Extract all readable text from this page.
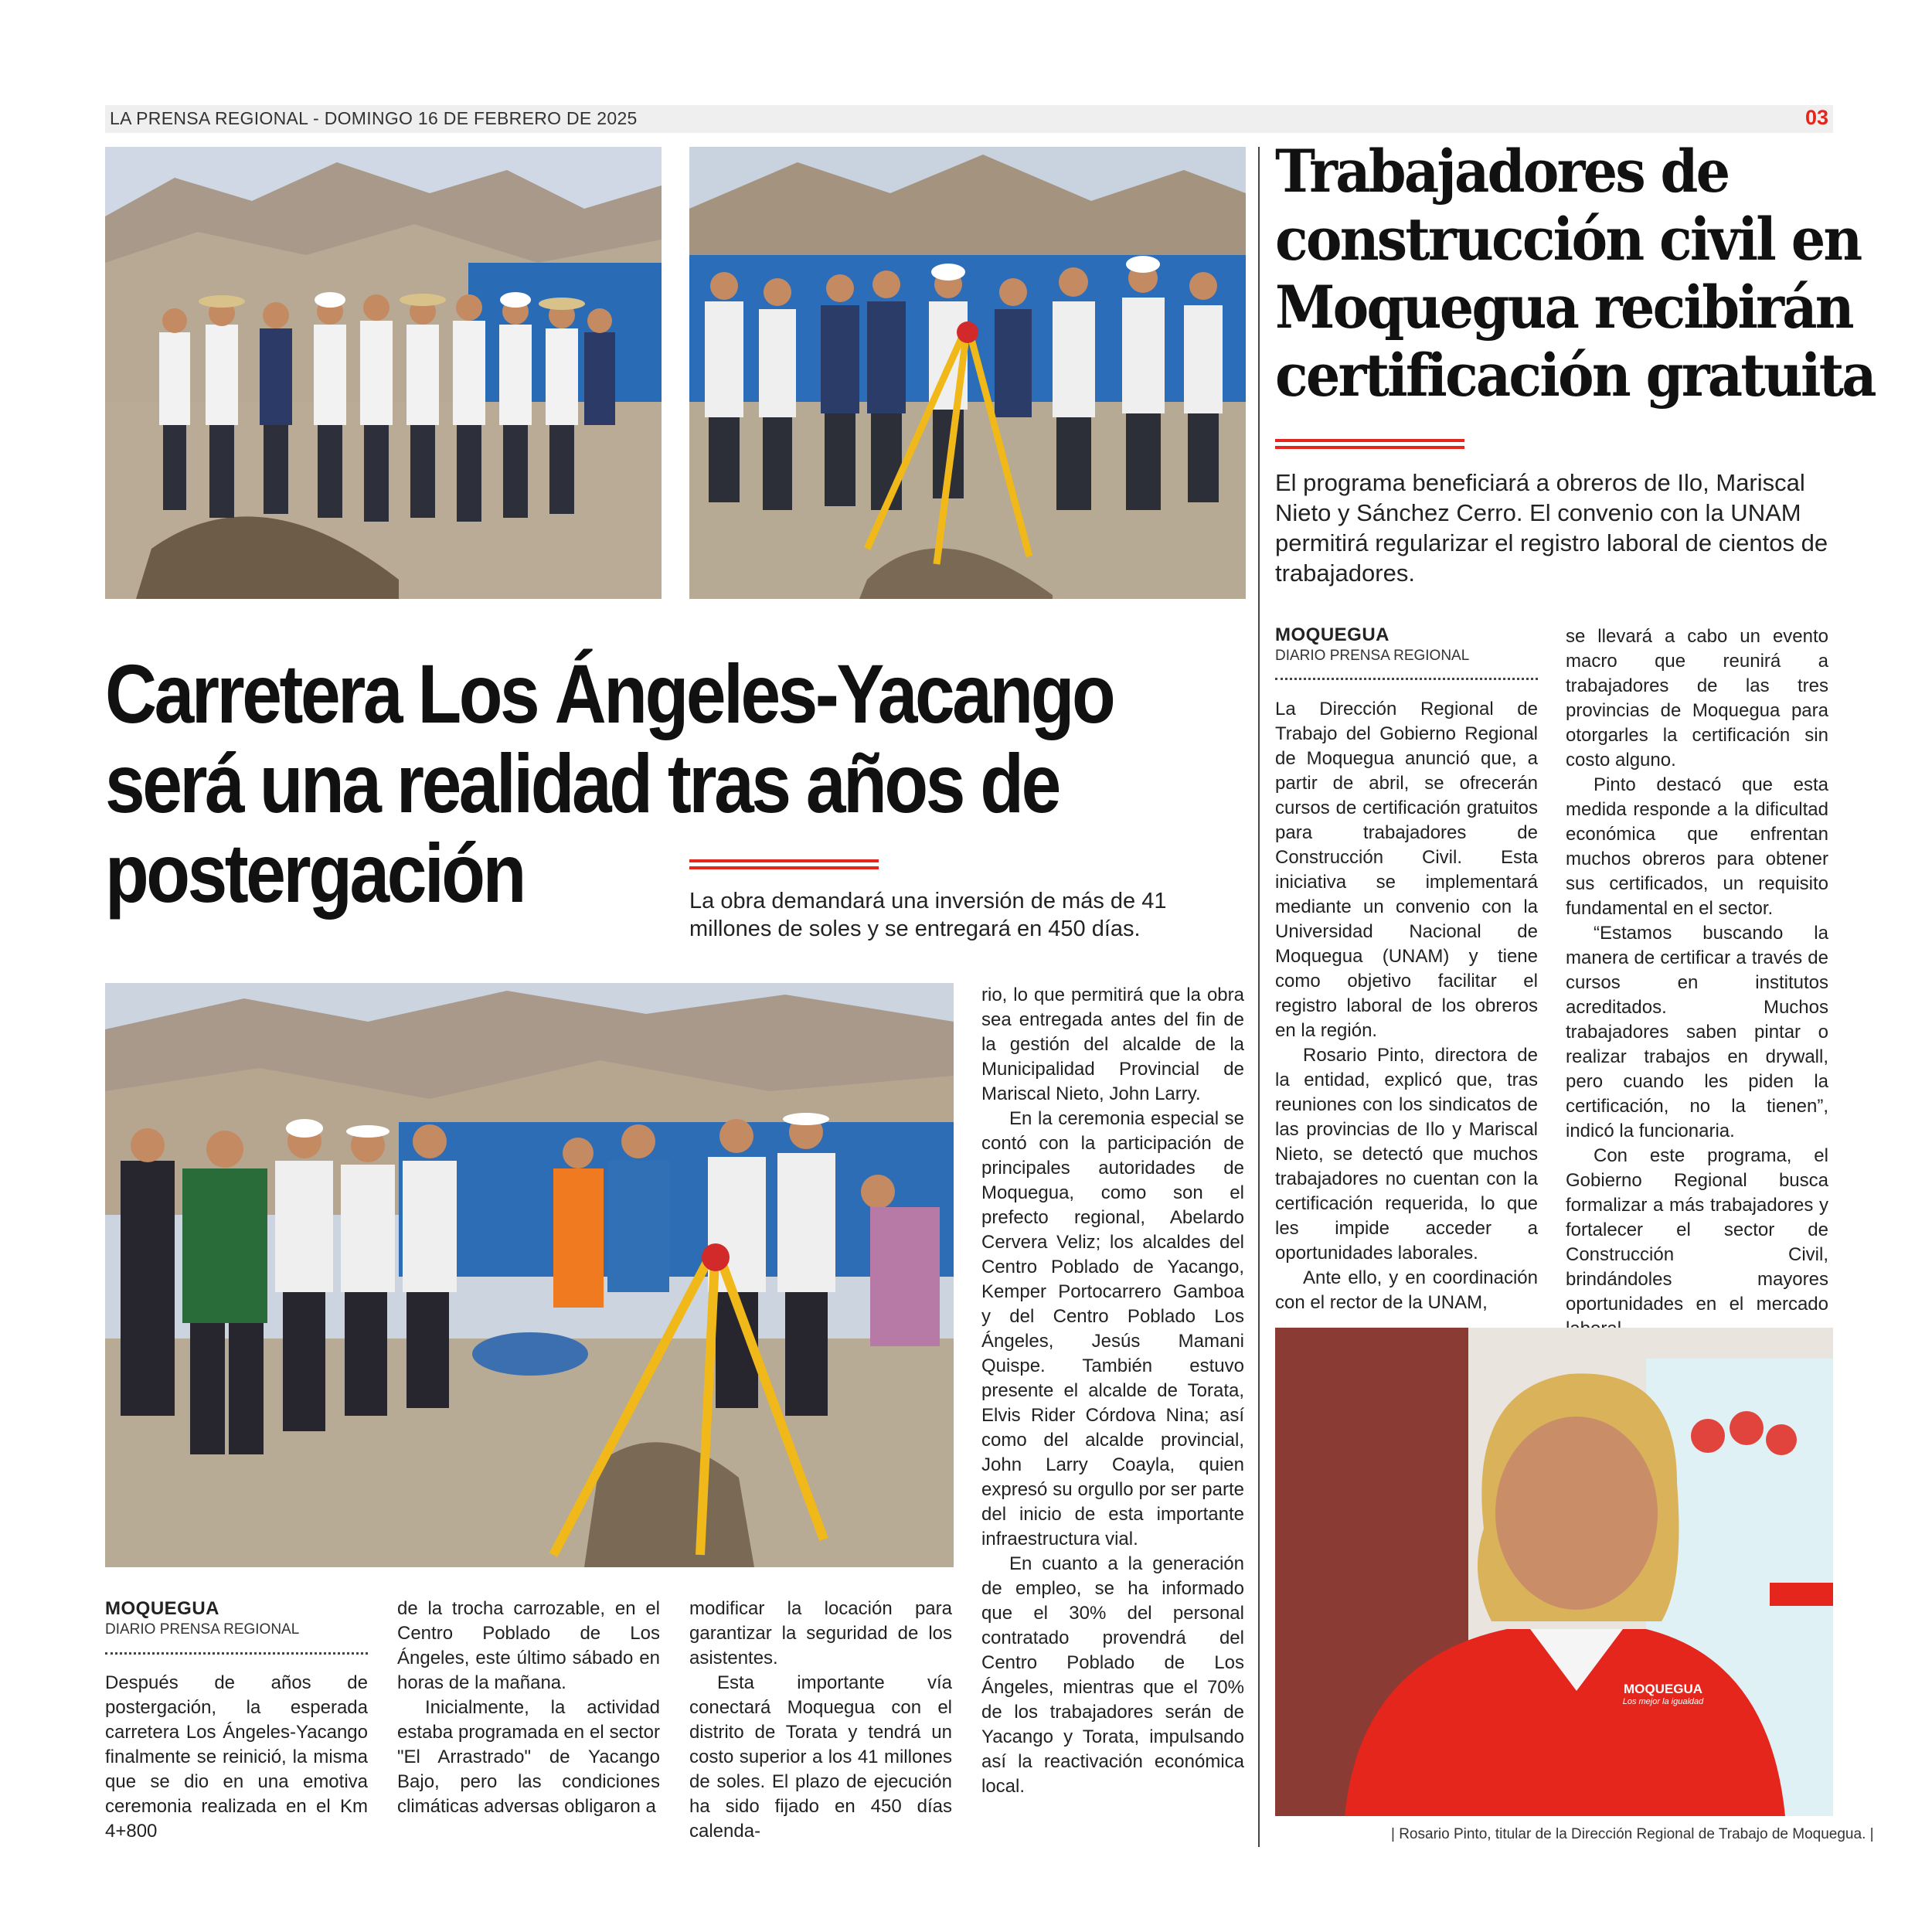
LA PRENSA REGIONAL - DOMINGO 16 DE FEBRERO DE 2025	03
Trabajadores de
construcción civil en
Moquegua recibirán
certificación gratuita
El programa beneficiará a obreros de Ilo, Mariscal Nieto y Sánchez Cerro. El convenio con la UNAM permitirá regularizar el registro laboral de cientos de trabajadores.
Carretera Los Ángeles-Yacango
será una realidad tras años de
postergación	La obra demandará una inversión de más de 41 millones de soles y se entregará en 450 días.
MOQUEGUA
DIARIO PRENSA REGIONAL

Después de años de postergación, la esperada carretera Los Ángeles-Yacango finalmente se reinició, la misma que se dio en una emotiva ceremonia realizada en el Km 4+800

de la trocha carrozable, en el Centro Poblado de Los Ángeles, este último sábado en horas de la mañana.

Inicialmente, la actividad estaba programada en el sector "El Arrastrado" de Yacango Bajo, pero las condiciones climáticas adversas obligaron a

modificar la locación para garantizar la seguridad de los asistentes.

Esta importante vía conectará Moquegua con el distrito de Torata y tendrá un costo superior a los 41 millones de soles. El plazo de ejecución ha sido fijado en 450 días calenda-

rio, lo que permitirá que la obra sea entregada antes del fin de la gestión del alcalde de la Municipalidad Provincial de Mariscal Nieto, John Larry.

En la ceremonia especial se contó con la participación de principales autoridades de Moquegua, como son el prefecto regional, Abelardo Cervera Veliz; los alcaldes del Centro Poblado de Yacango, Kemper Portocarrero Gamboa y del Centro Poblado Los Ángeles, Jesús Mamani Quispe. También estuvo presente el alcalde de Torata, Elvis Rider Córdova Nina; así como del alcalde provincial, John Larry Coayla, quien expresó su orgullo por ser parte del inicio de esta importante infraestructura vial.

En cuanto a la generación de empleo, se ha informado que el 30% del personal contratado provendrá del Centro Poblado de Los Ángeles, mientras que el 70% de los trabajadores serán de Yacango y Torata, impulsando así la reactivación económica local.

MOQUEGUA
DIARIO PRENSA REGIONAL

La Dirección Regional de Trabajo del Gobierno Regional de Moquegua anunció que, a partir de abril, se ofrecerán cursos de certificación gratuitos para trabajadores de Construcción Civil. Esta iniciativa se implementará mediante un convenio con la Universidad Nacional de Moquegua (UNAM) y tiene como objetivo facilitar el registro laboral de los obreros en la región.

Rosario Pinto, directora de la entidad, explicó que, tras reuniones con los sindicatos de las provincias de Ilo y Mariscal Nieto, se detectó que muchos trabajadores no cuentan con la certificación requerida, lo que les impide acceder a oportunidades laborales.

Ante ello, y en coordinación con el rector de la UNAM,

se llevará a cabo un evento macro que reunirá a trabajadores de las tres provincias de Moquegua para otorgarles la certificación sin costo alguno.

Pinto destacó que esta medida responde a la dificultad económica que enfrentan muchos obreros para obtener sus certificados, un requisito fundamental en el sector.

“Estamos buscando la manera de certificar a través de cursos en institutos acreditados. Muchos trabajadores saben pintar o realizar trabajos en drywall, pero cuando les piden la certificación, no la tienen”, indicó la funcionaria.

Con este programa, el Gobierno Regional busca formalizar a más trabajadores y fortalecer el sector de Construcción Civil, brindándoles mayores oportunidades en el mercado

MOQUEGUA
Los mejor la igualdad
| Rosario Pinto, titular de la Dirección Regional de Trabajo de Moquegua. |
